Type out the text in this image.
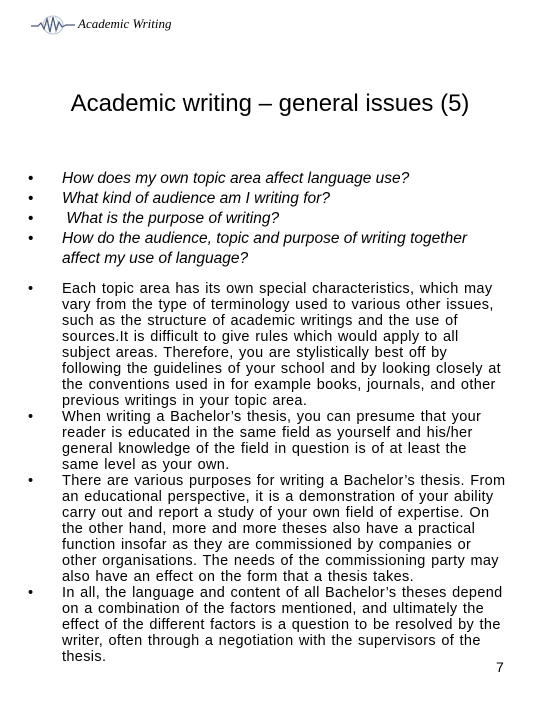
Academic Writing
Academic writing – general issues (5)
• How does my own topic area affect language use?
• What kind of audience am I writing for?
• What is the purpose of writing?
• How do the audience, topic and purpose of writing together affect my use of language?
• Each topic area has its own special characteristics, which may vary from the type of terminology used to various other issues, such as the structure of academic writings and the use of sources.It is difficult to give rules which would apply to all subject areas. Therefore, you are stylistically best off by following the guidelines of your school and by looking closely at the conventions used in for example books, journals, and other previous writings in your topic area.
• When writing a Bachelor’s thesis, you can presume that your reader is educated in the same field as yourself and his/her general knowledge of the field in question is of at least the same level as your own.
• There are various purposes for writing a Bachelor’s thesis. From an educational perspective, it is a demonstration of your ability carry out and report a study of your own field of expertise. On the other hand, more and more theses also have a practical function insofar as they are commissioned by companies or other organisations. The needs of the commissioning party may also have an effect on the form that a thesis takes.
• In all, the language and content of all Bachelor’s theses depend on a combination of the factors mentioned, and ultimately the effect of the different factors is a question to be resolved by the writer, often through a negotiation with the supervisors of the thesis.
7
